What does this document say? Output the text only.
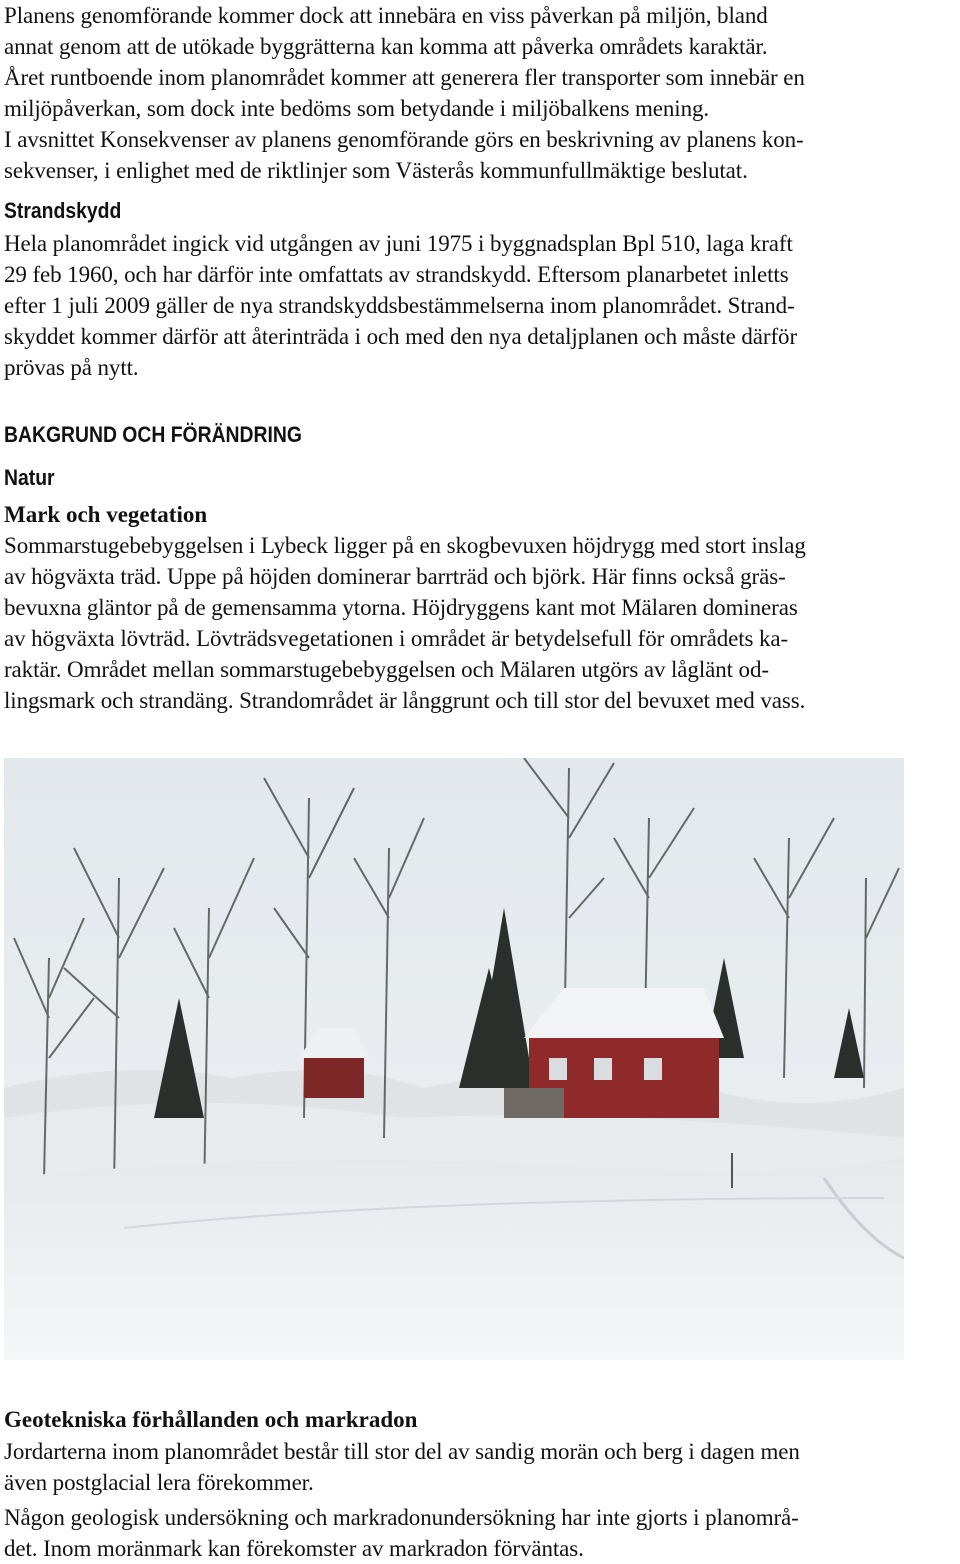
Planens genomförande kommer dock att innebära en viss påverkan på miljön, bland
annat genom att de utökade byggrätterna kan komma att påverka områdets karaktär.
Året runtboende inom planområdet kommer att generera fler transporter som innebär en
miljöpåverkan, som dock inte bedöms som betydande i miljöbalkens mening.
I avsnittet Konsekvenser av planens genomförande görs en beskrivning av planens kon-
sekvenser, i enlighet med de riktlinjer som Västerås kommunfullmäktige beslutat.
Strandskydd
Hela planområdet ingick vid utgången av juni 1975 i byggnadsplan Bpl 510, laga kraft
29 feb 1960, och har därför inte omfattats av strandskydd. Eftersom planarbetet inletts
efter 1 juli 2009 gäller de nya strandskyddsbestämmelserna inom planområdet. Strand-
skyddet kommer därför att återinträda i och med den nya detaljplanen och måste därför
prövas på nytt.
BAKGRUND OCH FÖRÄNDRING
Natur
Mark och vegetation
Sommarstugebebyggelsen i Lybeck ligger på en skogbevuxen höjdrygg med stort inslag
av högväxta träd. Uppe på höjden dominerar barrträd och björk. Här finns också gräs-
bevuxna gläntor på de gemensamma ytorna. Höjdryggens kant mot Mälaren domineras
av högväxta lövträd. Lövträdsvegetationen i området är betydelsefull för områdets ka-
raktär. Området mellan sommarstugebebyggelsen och Mälaren utgörs av låglänt od-
lingsmark och strandäng. Strandområdet är långgrunt och till stor del bevuxet med vass.
Geotekniska förhållanden och markradon
Jordarterna inom planområdet består till stor del av sandig morän och berg i dagen men
även postglacial lera förekommer.
Någon geologisk undersökning och markradonundersökning har inte gjorts i planområ-
det. Inom moränmark kan förekomster av markradon förväntas.
